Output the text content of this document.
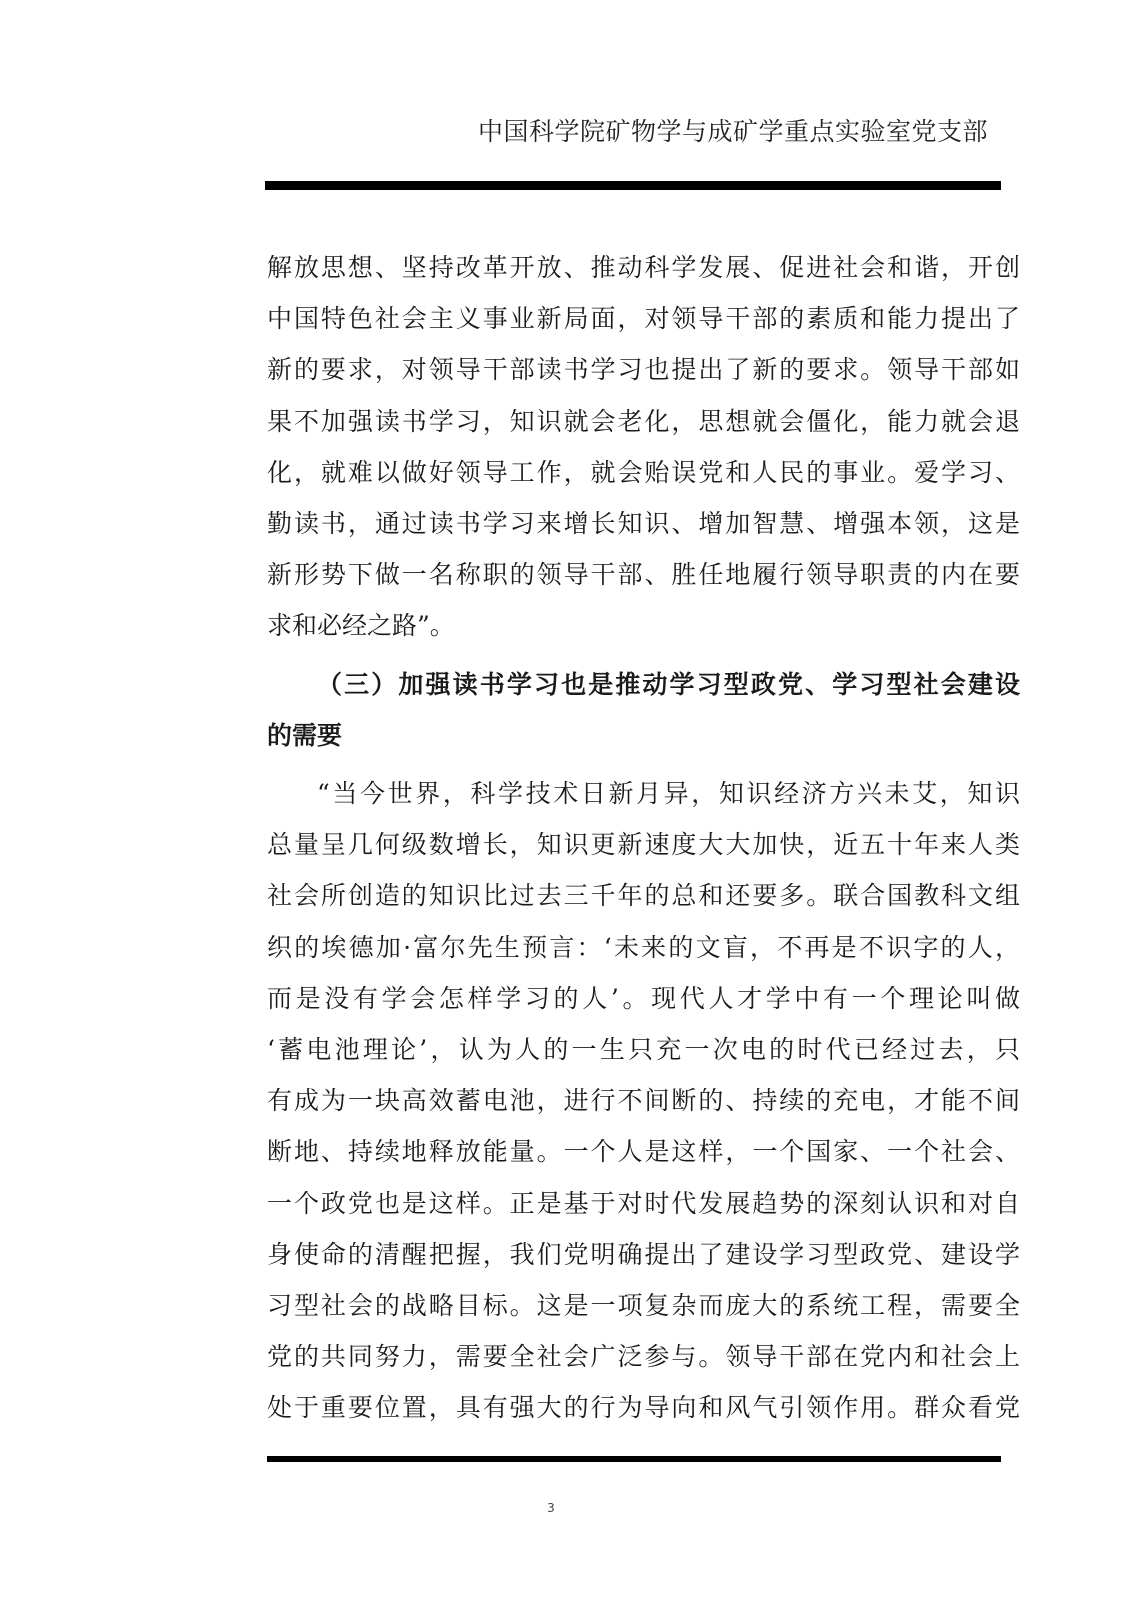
中国科学院矿物学与成矿学重点实验室党支部
解放思想、坚持改革开放、推动科学发展、促进社会和谐，开创
中国特色社会主义事业新局面，对领导干部的素质和能力提出了
新的要求，对领导干部读书学习也提出了新的要求。领导干部如
果不加强读书学习，知识就会老化，思想就会僵化，能力就会退
化，就难以做好领导工作，就会贻误党和人民的事业。爱学习、
勤读书，通过读书学习来增长知识、增加智慧、增强本领，这是
新形势下做一名称职的领导干部、胜任地履行领导职责的内在要
求和必经之路”。
（三）加强读书学习也是推动学习型政党、学习型社会建设
的需要
“当今世界，科学技术日新月异，知识经济方兴未艾，知识
总量呈几何级数增长，知识更新速度大大加快，近五十年来人类
社会所创造的知识比过去三千年的总和还要多。联合国教科文组
织的埃德加·富尔先生预言：‘未来的文盲，不再是不识字的人，
而是没有学会怎样学习的人’。现代人才学中有一个理论叫做
‘蓄电池理论’，认为人的一生只充一次电的时代已经过去，只
有成为一块高效蓄电池，进行不间断的、持续的充电，才能不间
断地、持续地释放能量。一个人是这样，一个国家、一个社会、
一个政党也是这样。正是基于对时代发展趋势的深刻认识和对自
身使命的清醒把握，我们党明确提出了建设学习型政党、建设学
习型社会的战略目标。这是一项复杂而庞大的系统工程，需要全
党的共同努力，需要全社会广泛参与。领导干部在党内和社会上
处于重要位置，具有强大的行为导向和风气引领作用。群众看党
3
